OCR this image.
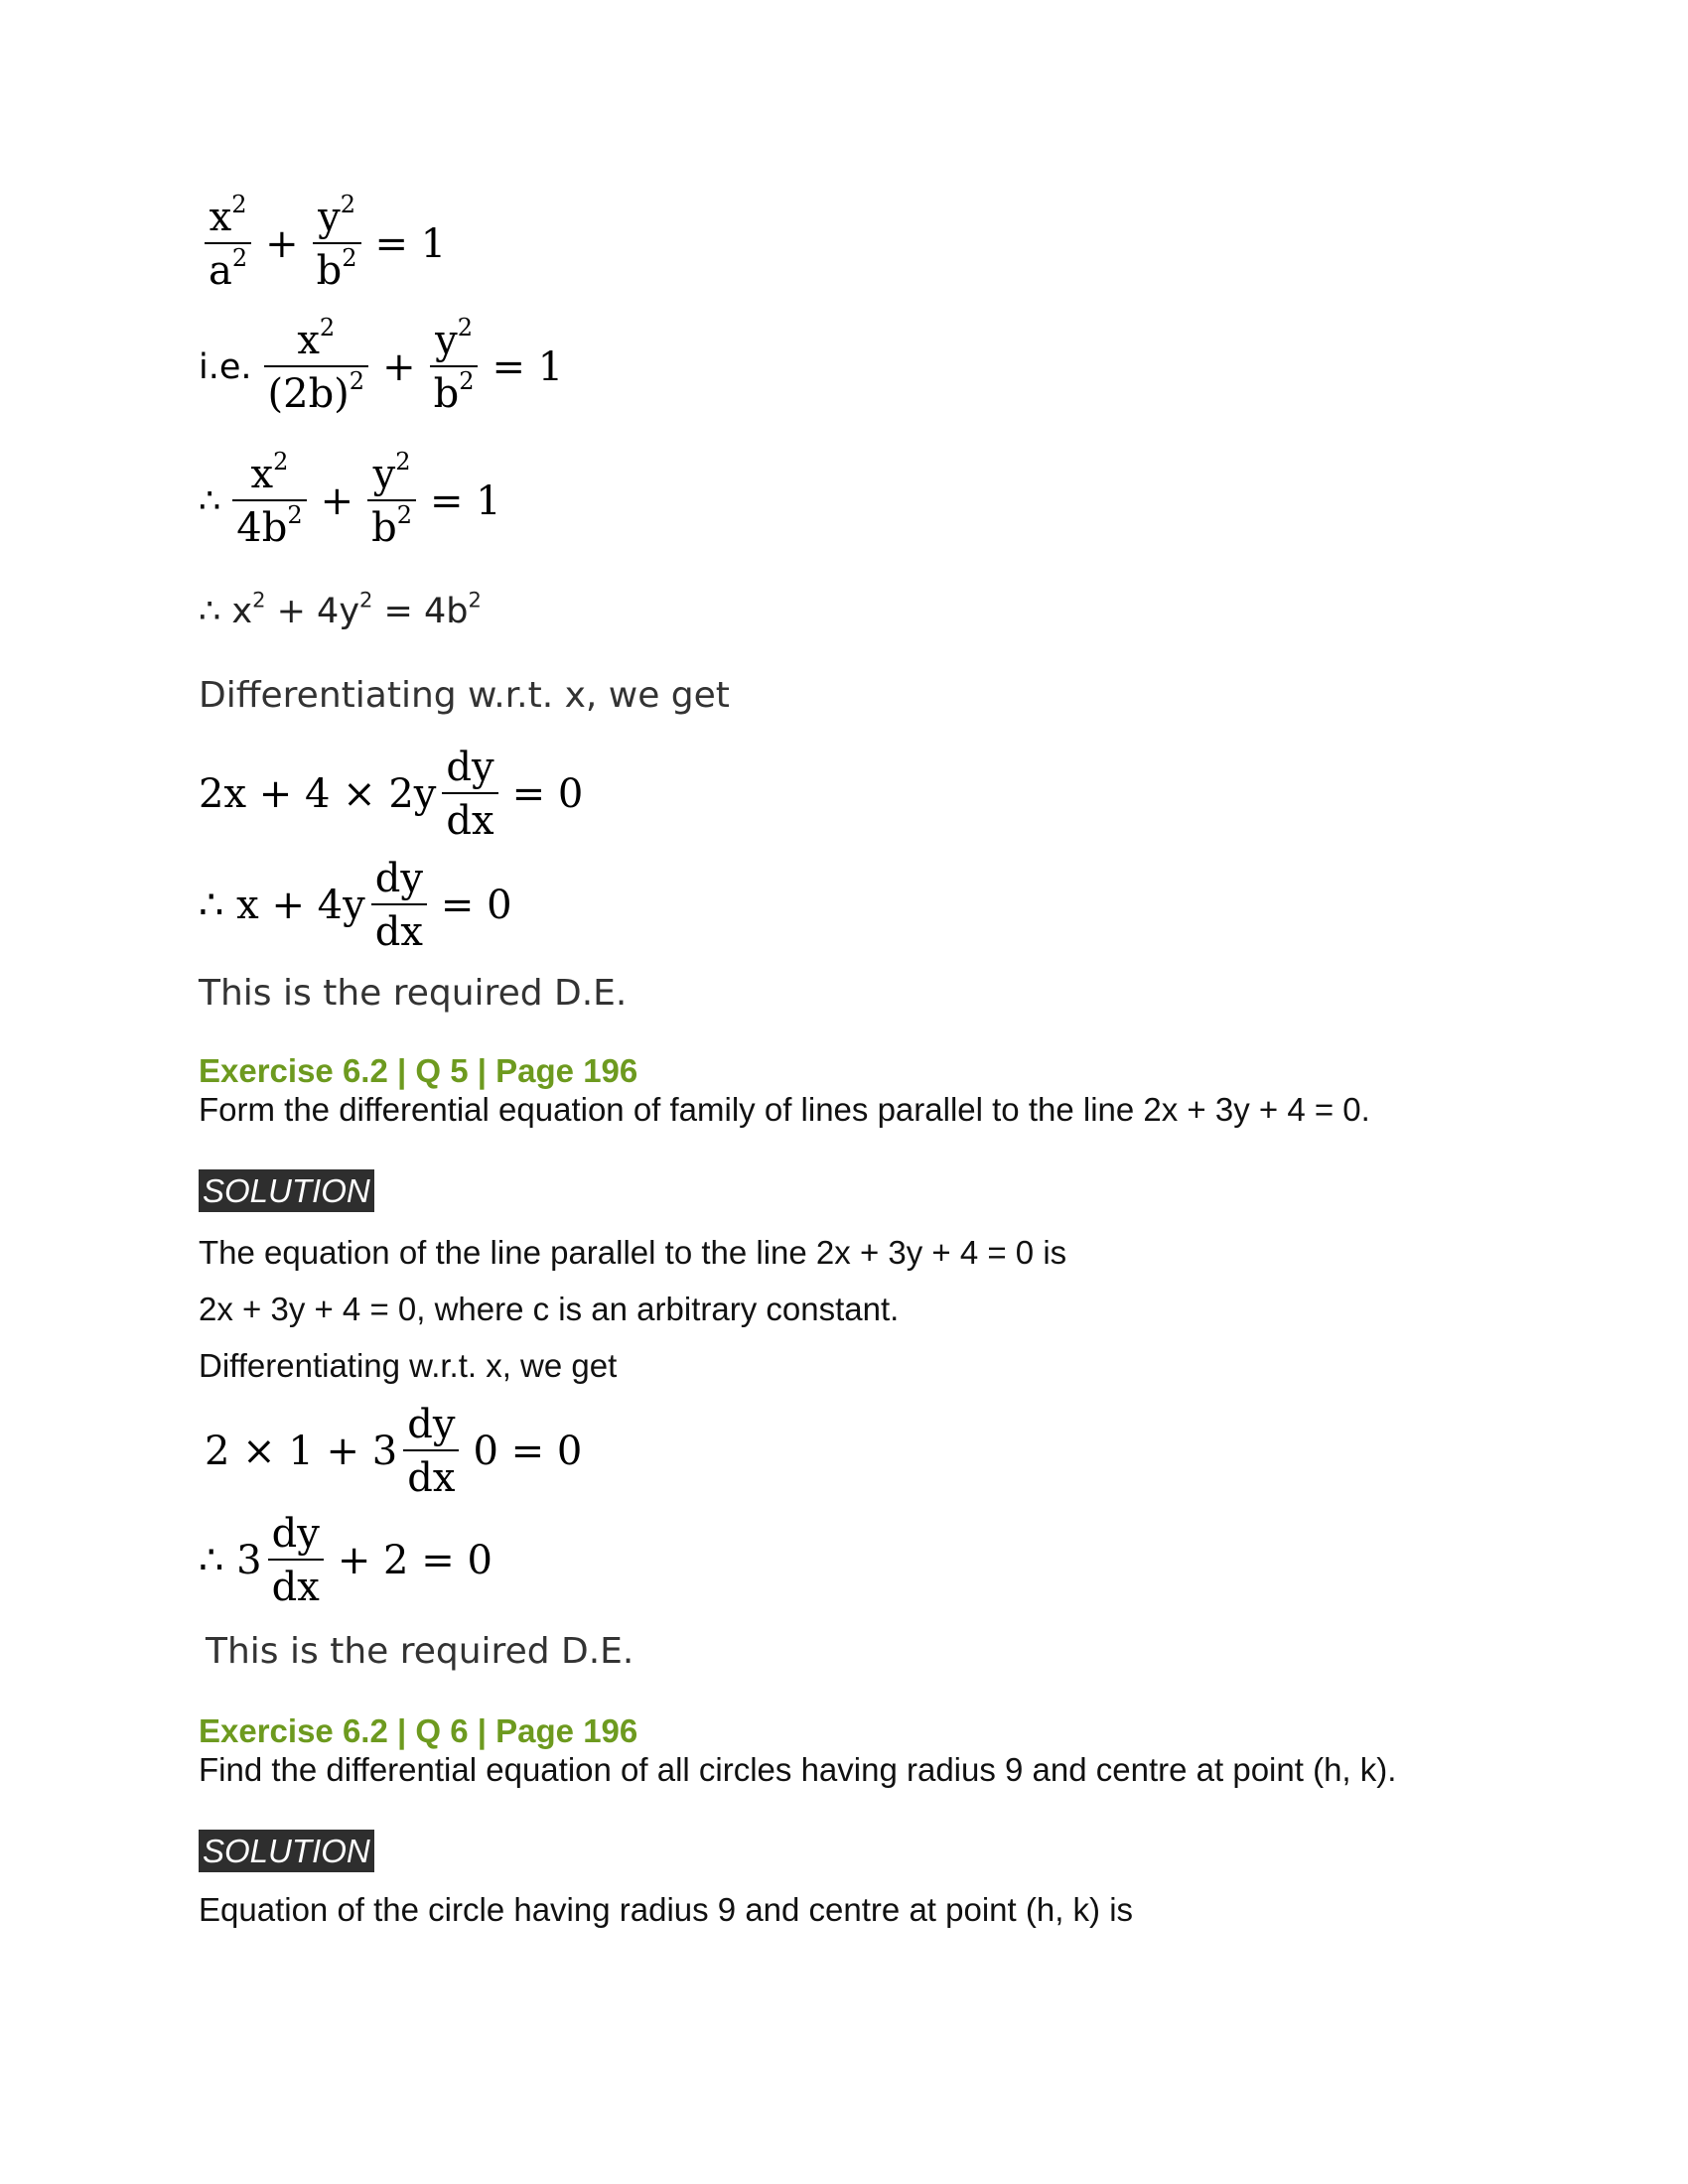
$\frac{x^2}{a^2} + \frac{y^2}{b^2} = 1$
i.e. $\frac{x^2}{(2b)^2} + \frac{y^2}{b^2} = 1$
∴ $\frac{x^2}{4b^2} + \frac{y^2}{b^2} = 1$
∴ $x^2 + 4y^2 = 4b^2$
Differentiating w.r.t. x, we get
$2x + 4 \times 2y \frac{dy}{dx} = 0$
∴ $x + 4y \frac{dy}{dx} = 0$
This is the required D.E.
Exercise 6.2 | Q 5 | Page 196
Form the differential equation of family of lines parallel to the line 2x + 3y + 4 = 0.
SOLUTION
The equation of the line parallel to the line 2x + 3y + 4 = 0 is
2x + 3y + 4 = 0, where c is an arbitrary constant.
Differentiating w.r.t. x, we get
$2 \times 1 + 3 \frac{dy}{dx} 0 = 0$
∴ $3 \frac{dy}{dx} + 2 = 0$
This is the required D.E.
Exercise 6.2 | Q 6 | Page 196
Find the differential equation of all circles having radius 9 and centre at point (h, k).
SOLUTION
Equation of the circle having radius 9 and centre at point (h, k) is
